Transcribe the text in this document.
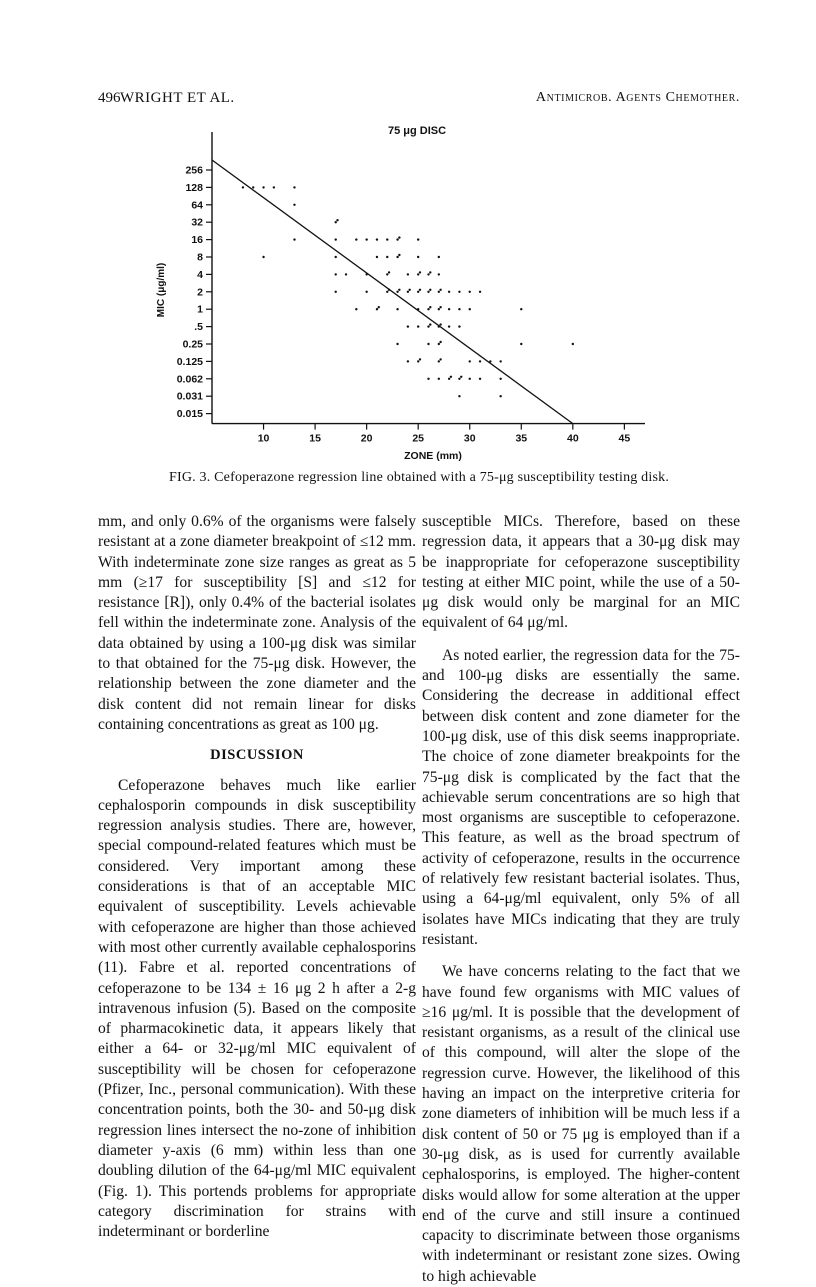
496 WRIGHT ET AL.	Antimicrob. Agents Chemother.
75 μg DISC
MIC (μg/ml)
ZONE (mm)
256
128
64
32
16
8
4
2
1
.5
0.25
0.125
0.062
0.031
0.015
10	15	20	25	30	35	40	45
FIG. 3. Cefoperazone regression line obtained with a 75-μg susceptibility testing disk.

mm, and only 0.6% of the organisms were falsely resistant at a zone diameter breakpoint of ≤12 mm. With indeterminate zone size ranges as great as 5 mm (≥17 for susceptibility [S] and ≤12 for resistance [R]), only 0.4% of the bacterial isolates fell within the indeterminate zone. Analysis of the data obtained by using a 100-μg disk was similar to that obtained for the 75-μg disk. However, the relationship between the zone diameter and the disk content did not remain linear for disks containing concentrations as great as 100 μg.

DISCUSSION

Cefoperazone behaves much like earlier cephalosporin compounds in disk susceptibility regression analysis studies. There are, however, special compound-related features which must be considered. Very important among these considerations is that of an acceptable MIC equivalent of susceptibility. Levels achievable with cefoperazone are higher than those achieved with most other currently available cephalosporins (11). Fabre et al. reported concentrations of cefoperazone to be 134 ± 16 μg 2 h after a 2-g intravenous infusion (5). Based on the composite of pharmacokinetic data, it appears likely that either a 64- or 32-μg/ml MIC equivalent of susceptibility will be chosen for cefoperazone (Pfizer, Inc., personal communication). With these concentration points, both the 30- and 50-μg disk regression lines intersect the no-zone of inhibition diameter y-axis (6 mm) within less than one doubling dilution of the 64-μg/ml MIC equivalent (Fig. 1). This portends problems for appropriate category discrimination for strains with indeterminant or borderline

susceptible MICs. Therefore, based on these regression data, it appears that a 30-μg disk may be inappropriate for cefoperazone susceptibility testing at either MIC point, while the use of a 50-μg disk would only be marginal for an MIC equivalent of 64 μg/ml.

As noted earlier, the regression data for the 75- and 100-μg disks are essentially the same. Considering the decrease in additional effect between disk content and zone diameter for the 100-μg disk, use of this disk seems inappropriate. The choice of zone diameter breakpoints for the 75-μg disk is complicated by the fact that the achievable serum concentrations are so high that most organisms are susceptible to cefoperazone. This feature, as well as the broad spectrum of activity of cefoperazone, results in the occurrence of relatively few resistant bacterial isolates. Thus, using a 64-μg/ml equivalent, only 5% of all isolates have MICs indicating that they are truly resistant.

We have concerns relating to the fact that we have found few organisms with MIC values of ≥16 μg/ml. It is possible that the development of resistant organisms, as a result of the clinical use of this compound, will alter the slope of the regression curve. However, the likelihood of this having an impact on the interpretive criteria for zone diameters of inhibition will be much less if a disk content of 50 or 75 μg is employed than if a 30-μg disk, as is used for currently available cephalosporins, is employed. The higher-content disks would allow for some alteration at the upper end of the curve and still insure a continued capacity to discriminate between those organisms with indeterminant or resistant zone sizes. Owing to high achievable
